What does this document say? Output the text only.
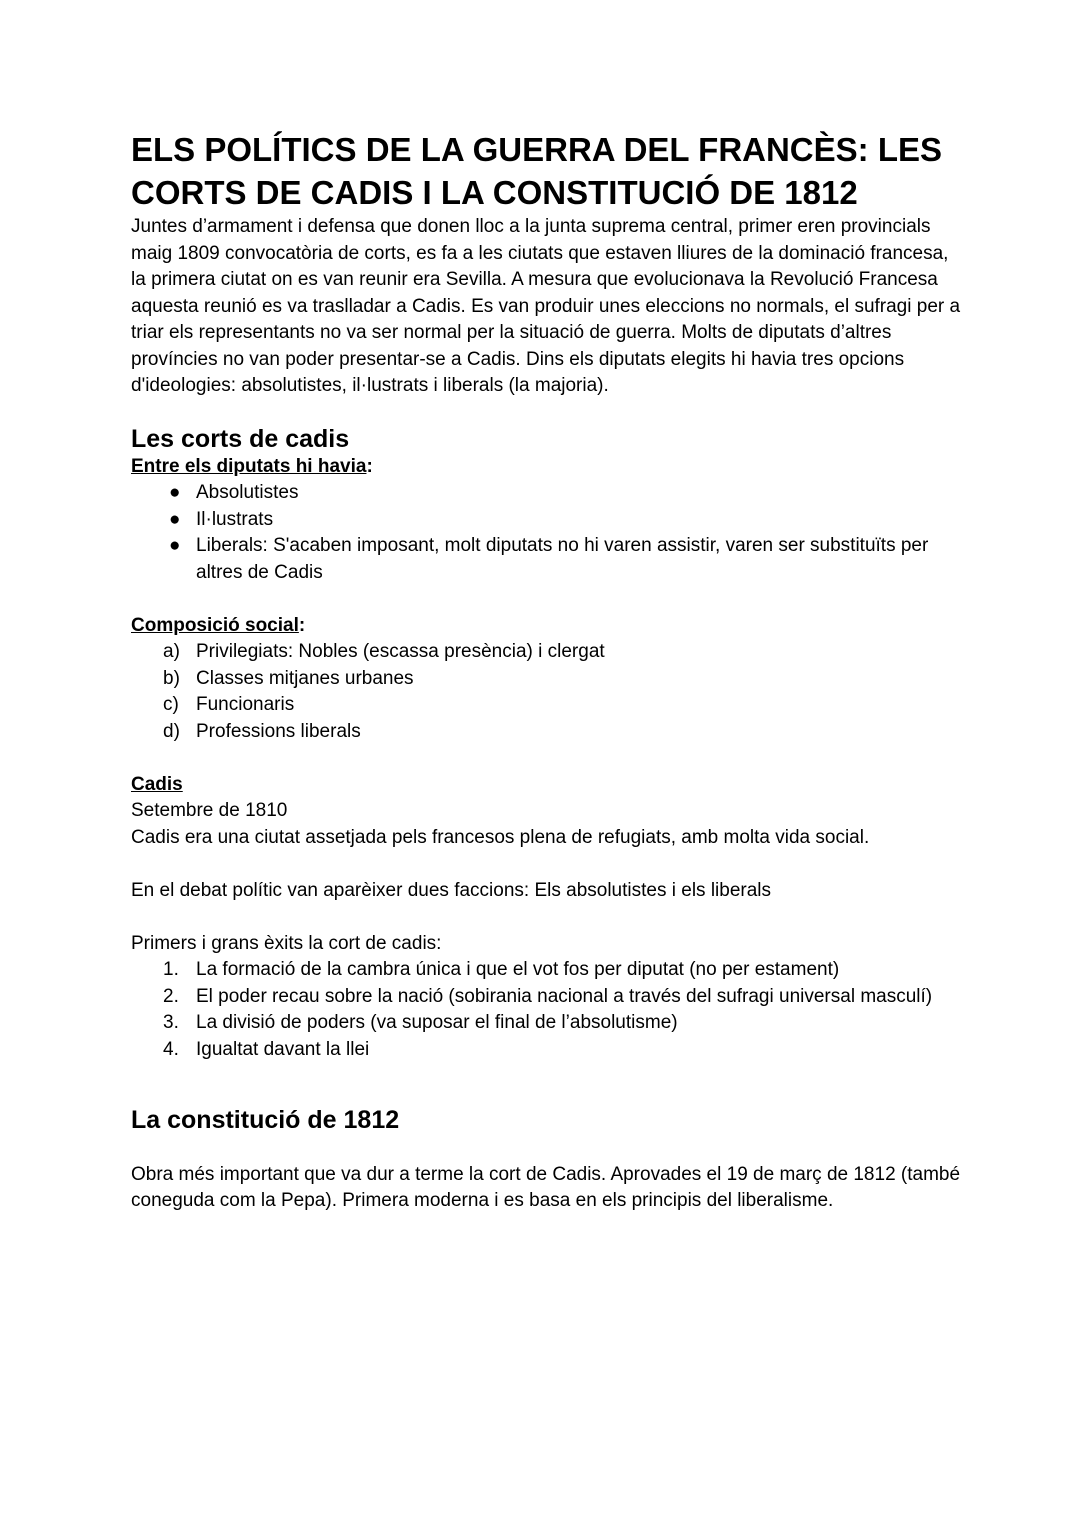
ELS POLÍTICS DE LA GUERRA DEL FRANCÈS: LES CORTS DE CADIS I LA CONSTITUCIÓ DE 1812

Juntes d’armament i defensa que donen lloc a la junta suprema central, primer eren provincials

maig 1809 convocatòria de corts, es fa a les ciutats que estaven lliures de la dominació francesa, la primera ciutat on es van reunir era Sevilla. A mesura que evolucionava la Revolució Francesa aquesta reunió es va traslladar a Cadis. Es van produir unes eleccions no normals, el sufragi per a triar els representants no va ser normal per la situació de guerra. Molts de diputats d’altres províncies no van poder presentar-se a Cadis. Dins els diputats elegits hi havia tres opcions d'ideologies: absolutistes, il·lustrats i liberals (la majoria).

Les corts de cadis

Entre els diputats hi havia:

● Absolutistes
● Il·lustrats
● Liberals: S'acaben imposant, molt diputats no hi varen assistir, varen ser substituïts per altres de Cadis

Composició social:

a) Privilegiats: Nobles (escassa presència) i clergat
b) Classes mitjanes urbanes
c) Funcionaris
d) Professions liberals

Cadis

Setembre de 1810

Cadis era una ciutat assetjada pels francesos plena de refugiats, amb molta vida social.

En el debat polític van aparèixer dues faccions: Els absolutistes i els liberals

Primers i grans èxits la cort de cadis:

1. La formació de la cambra única i que el vot fos per diputat (no per estament)
2. El poder recau sobre la nació (sobirania nacional a través del sufragi universal masculí)
3. La divisió de poders (va suposar el final de l’absolutisme)
4. Igualtat davant la llei
La constitució de 1812

Obra més important que va dur a terme la cort de Cadis. Aprovades el 19 de març de 1812 (també coneguda com la Pepa). Primera moderna i es basa en els principis del liberalisme.
